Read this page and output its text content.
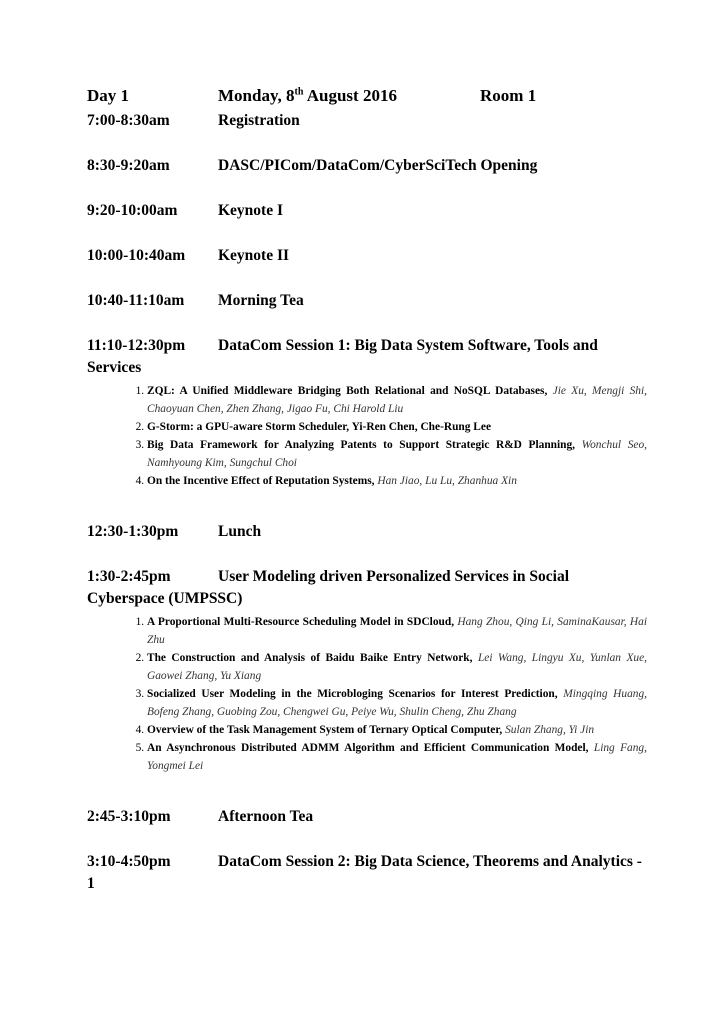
Day 1	Monday, 8th August 2016	Room 1
7:00-8:30am	Registration
8:30-9:20am	DASC/PICom/DataCom/CyberSciTech Opening
9:20-10:00am	Keynote I
10:00-10:40am	Keynote II
10:40-11:10am	Morning Tea
11:10-12:30pm	DataCom Session 1: Big Data System Software, Tools and Services
1. ZQL: A Unified Middleware Bridging Both Relational and NoSQL Databases, Jie Xu, Mengji Shi, Chaoyuan Chen, Zhen Zhang, Jigao Fu, Chi Harold Liu
2. G-Storm: a GPU-aware Storm Scheduler, Yi-Ren Chen, Che-Rung Lee
3. Big Data Framework for Analyzing Patents to Support Strategic R&D Planning, Wonchul Seo, Namhyoung Kim, Sungchul Choi
4. On the Incentive Effect of Reputation Systems, Han Jiao, Lu Lu, Zhanhua Xin
12:30-1:30pm	Lunch
1:30-2:45pm	User Modeling driven Personalized Services in Social Cyberspace (UMPSSC)
1. A Proportional Multi-Resource Scheduling Model in SDCloud, Hang Zhou, Qing Li, SaminaKausar, Hai Zhu
2. The Construction and Analysis of Baidu Baike Entry Network, Lei Wang, Lingyu Xu, Yunlan Xue, Gaowei Zhang, Yu Xiang
3. Socialized User Modeling in the Microbloging Scenarios for Interest Prediction, Mingqing Huang, Bofeng Zhang, Guobing Zou, Chengwei Gu, Peiye Wu, Shulin Cheng, Zhu Zhang
4. Overview of the Task Management System of Ternary Optical Computer, Sulan Zhang, Yi Jin
5. An Asynchronous Distributed ADMM Algorithm and Efficient Communication Model, Ling Fang, Yongmei Lei
2:45-3:10pm	Afternoon Tea
3:10-4:50pm	DataCom Session 2: Big Data Science, Theorems and Analytics - 1
